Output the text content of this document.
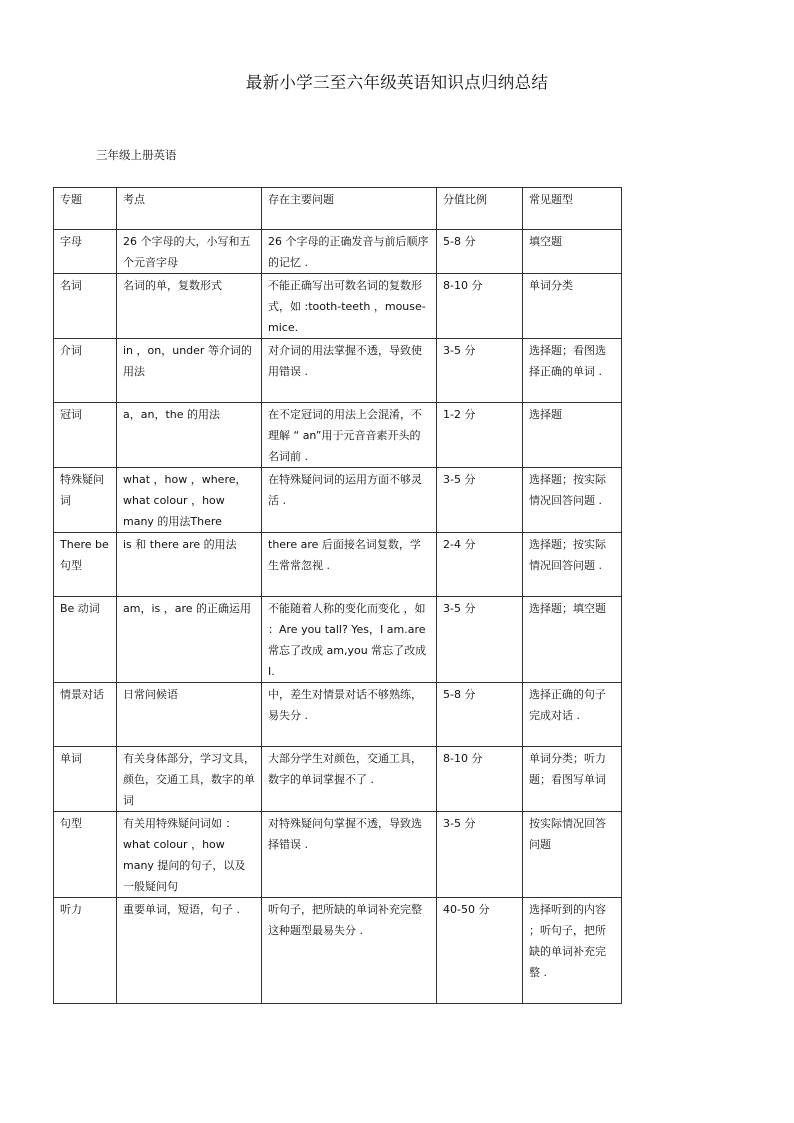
最新小学三至六年级英语知识点归纳总结
三年级上册英语
专题	考点	存在主要问题	分值比例	常见题型
字母	26 个字母的大，小写和五个元音字母	26 个字母的正确发音与前后顺序的记忆 .	5-8 分	填空题
名词	名词的单，复数形式	不能正确写出可数名词的复数形式，如 :tooth-teeth ，mouse-mice.	8-10 分	单词分类
介词	in ，on，under 等介词的用法	对介词的用法掌握不透，导致使用错误 .	3-5 分	选择题；看图选择正确的单词 .
冠词	a，an，the 的用法	在不定冠词的用法上会混淆，不理解 “ an”用于元音音素开头的名词前 .	1-2 分	选择题
特殊疑问词	what ，how ，where，what colour ，how many 的用法There	在特殊疑问词的运用方面不够灵活 .	3-5 分	选择题；按实际情况回答问题 .
There be句型	is 和 there are 的用法	there are 后面接名词复数，学生常常忽视 .	2-4 分	选择题；按实际情况回答问题 .
Be 动词	am，is ，are 的正确运用	不能随着人称的变化而变化 ，如 ：Are you tall? Yes，I am.are 常忘了改成 am,you 常忘了改成 I.	3-5 分	选择题；填空题
情景对话	日常问候语	中，差生对情景对话不够熟练，易失分 .	5-8 分	选择正确的句子完成对话 .
单词	有关身体部分，学习文具，颜色，交通工具，数字的单词	大部分学生对颜色，交通工具，数字的单词掌握不了 .	8-10 分	单词分类；听力题；看图写单词
句型	有关用特殊疑问词如 ：what colour ，how many 提问的句子，以及一般疑问句	对特殊疑问句掌握不透，导致选择错误 .	3-5 分	按实际情况回答问题
听力	重要单词，短语，句子 .	听句子，把所缺的单词补充完整这种题型最易失分 .	40-50 分	选择听到的内容 ；听句子，把所缺的单词补充完整 .
